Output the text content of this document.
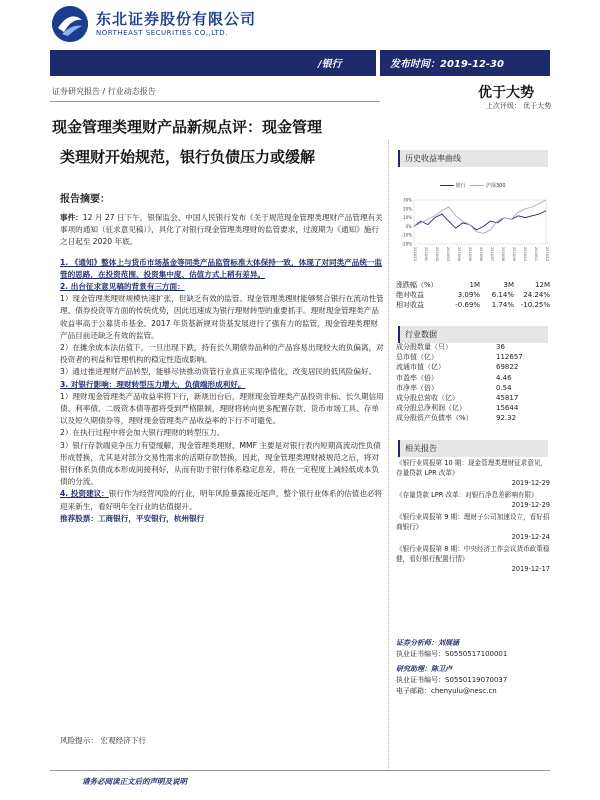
东北证券股份有限公司
NORTHEAST SECURITIES CO.,LTD.
/银行	发布时间：2019-12-30
证券研究报告 / 行业动态报告	优于大势
上次评级： 优于大势
现金管理类理财产品新规点评：现金管理
类理财开始规范，银行负债压力或缓解	历史收益率曲线
银行	沪深300
30%
20%
10%
0%
-10%
-20%
2018/12 2019/01 2019/02 2019/03 2019/04 2019/05 2019/06 2019/07 2019/08 2019/09 2019/10 2019/11 2019/12
涨跌幅（%）	1M	3M	12M
绝对收益	3.09%	6.14%	24.24%
相对收益	-0.69%	1.74% -10.25%
行业数据
成分股数量（只）	36
总市值（亿）	112657
流通市值（亿）	69822
市盈率（倍）	4.46
市净率（倍）	0.54
成分股总营收（亿）	45817
成分股总净利润（亿）	15644
成分股资产负债率（%）	92.32
相关报告
《银行业周报第 10 期：现金管理类理财征求意见，存量贷款 LPR 改革》
2019-12-29
《存量贷款 LPR 改革：对银行净息差影响有限》
2019-12-29
《银行业周报第 9 期：理财子公司加速设立，看好招商银行》
2019-12-24
《银行业周报第 8 期：中央经济工作会议货币政策稳健，看好银行配置行情》
2019-12-17
证券分析师：刘展涵
执业证书编号：S0550517100001
研究助理：陈卫卢
执业证书编号：S0550119070037
电子邮箱：chenyulu@nesc.cn
报告摘要：

事件：12 月 27 日下午，银保监会、中国人民银行发布《关于规范现金管理类理财产品管理有关事项的通知（征求意见稿）》，具化了对银行现金管理类理财的监管要求，过渡期为《通知》施行之日起至 2020 年底。

1. 《通知》整体上与货币市场基金等同类产品监管标准大体保持一致，体现了对同类产品统一监管的思路，在投资范围、投资集中度、估值方式上稍有差异。

2. 出台征求意见稿的背景有三方面：

1）现金管理类理财规模快速扩张，但缺乏有效的监管。现金管理类理财能够契合银行在流动性管理、债券投资等方面的传统优势，因此迅速成为银行理财转型的重要抓手。理财现金管理类产品收益率高于公募货币基金。2017 年货基新规对货基发展进行了强有力的监管，现金管理类理财产品目前还缺乏有效的监管。

2）在摊余成本法估值下，一旦出现下跌，持有长久期债券品种的产品容易出现较大的负偏离，对投资者的利益和管理机构的稳定性造成影响。

3）通过推进理财产品转型，能够尽快推动资管行业真正实现净值化，改变居民的低风险偏好。

3. 对银行影响：理财转型压力增大，负债端形成利好。

1）理财现金管理类产品收益率将下行，新规出台后，理财现金管理类产品投资非标、长久期信用债、利率债、二级资本债等都将受到严格限制，理财将转向更多配置存款、货币市场工具、存单以及短久期债券等，理财现金管理类产品收益率的下行不可避免。

2）在执行过程中将会加大银行理财的转型压力。

3）银行存款端竞争压力有望缓解，现金管理类理财、MMF 主要是对银行表内短期高流动性负债形成替换，尤其是对部分交易性需求的活期存款替换，因此，现金管理类理财被规范之后，将对银行体系负债成本形成间接利好，从而有助于银行体系稳定息差，将在一定程度上减轻低成本负债的分流。

4. 投资建议：银行作为经营风险的行业，明年风险暴露接近尾声，整个银行业体系的估值也必将迎来新生，看好明年全行业的估值提升。

推荐股票：工商银行，平安银行，杭州银行

风险提示： 宏观经济下行
请务必阅读正文后的声明及说明
